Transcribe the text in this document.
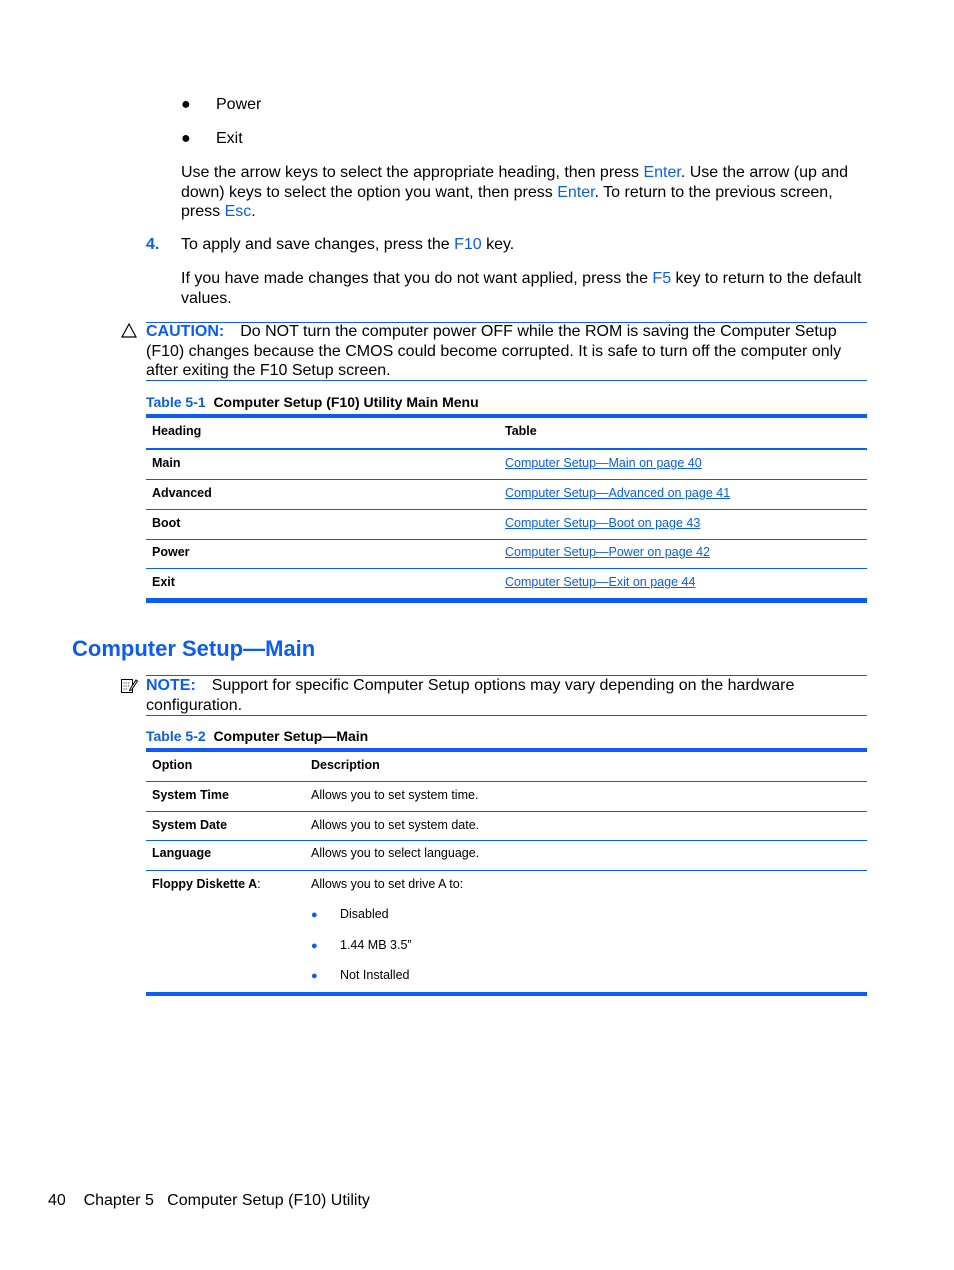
● Power
● Exit
Use the arrow keys to select the appropriate heading, then press Enter. Use the arrow (up and
down) keys to select the option you want, then press Enter. To return to the previous screen,
press Esc.
4. To apply and save changes, press the F10 key.
If you have made changes that you do not want applied, press the F5 key to return to the default
values.
CAUTION: Do NOT turn the computer power OFF while the ROM is saving the Computer Setup
(F10) changes because the CMOS could become corrupted. It is safe to turn off the computer only
after exiting the F10 Setup screen.
Table 5-1 Computer Setup (F10) Utility Main Menu
Heading	Table
Main	Computer Setup—Main on page 40
Advanced	Computer Setup—Advanced on page 41
Boot	Computer Setup—Boot on page 43
Power	Computer Setup—Power on page 42
Exit	Computer Setup—Exit on page 44
Computer Setup—Main
NOTE: Support for specific Computer Setup options may vary depending on the hardware
configuration.
Table 5-2 Computer Setup—Main
Option	Description
System Time	Allows you to set system time.
System Date	Allows you to set system date.
Language	Allows you to select language.
Floppy Diskette A:	Allows you to set drive A to:
● Disabled
● 1.44 MB 3.5”
● Not Installed
40 Chapter 5   Computer Setup (F10) Utility
